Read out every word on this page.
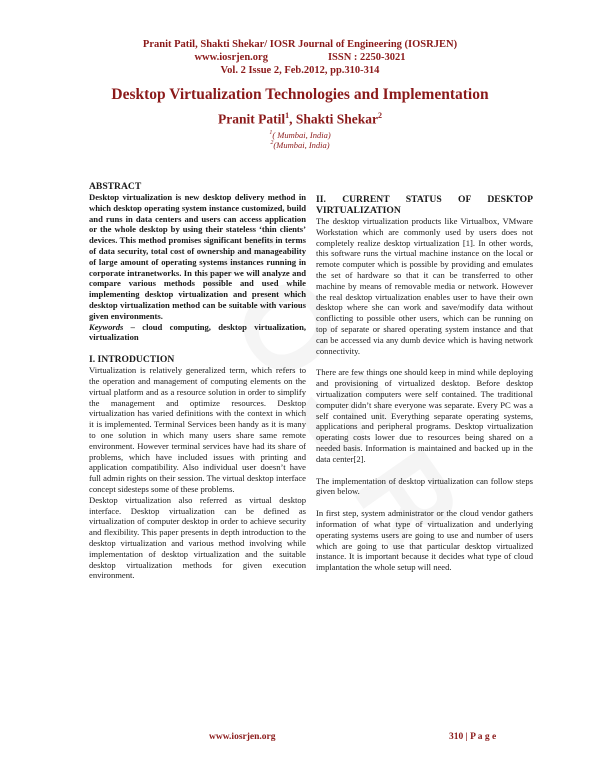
Pranit Patil, Shakti Shekar/ IOSR Journal of Engineering (IOSRJEN)
www.iosrjen.org	ISSN : 2250-3021
Vol. 2 Issue 2, Feb.2012, pp.310-314
Desktop Virtualization Technologies and Implementation
Pranit Patil$^1$, Shakti Shekar$^2$
$^1$( Mumbai, India)
$^2$(Mumbai, India)

ABSTRACT

Desktop virtualization is new desktop delivery method in which desktop operating system instance customized, build and runs in data centers and users can access application or the whole desktop by using their stateless ‘thin clients’ devices. This method promises significant benefits in terms of data security, total cost of ownership and manageability of large amount of operating systems instances running in corporate intranetworks. In this paper we will analyze and compare various methods possible and used while implementing desktop virtualization and present which desktop virtualization method can be suitable with various given environments.

Keywords – cloud computing, desktop virtualization, virtualization

I. INTRODUCTION

Virtualization is relatively generalized term, which refers to the operation and management of computing elements on the virtual platform and as a resource solution in order to simplify the management and optimize resources. Desktop virtualization has varied definitions with the context in which it is implemented. Terminal Services been handy as it is many to one solution in which many users share same remote environment. However terminal services have had its share of problems, which have included issues with printing and application compatibility. Also individual user doesn’t have full admin rights on their session. The virtual desktop interface concept sidesteps some of these problems.

Desktop virtualization also referred as virtual desktop interface. Desktop virtualization can be defined as virtualization of computer desktop in order to achieve security and flexibility. This paper presents in depth introduction to the desktop virtualization and various method involving while implementation of desktop virtualization and the suitable desktop virtualization methods for given execution environment.

II. CURRENT STATUS OF DESKTOP VIRTUALIZATION

The desktop virtualization products like Virtualbox, VMware Workstation which are commonly used by users does not completely realize desktop virtualization [1]. In other words, this software runs the virtual machine instance on the local or remote computer which is possible by providing and emulates the set of hardware so that it can be transferred to other machine by means of removable media or network. However the real desktop virtualization enables user to have their own desktop where she can work and save/modify data without conflicting to possible other users, which can be running on top of separate or shared operating system instance and that can be accessed via any dumb device which is having network connectivity.

There are few things one should keep in mind while deploying and provisioning of virtualized desktop. Before desktop virtualization computers were self contained. The traditional computer didn’t share everyone was separate. Every PC was a self contained unit. Everything separate operating systems, applications and peripheral programs. Desktop virtualization operating costs lower due to resources being shared on a needed basis. Information is maintained and backed up in the data center[2].

The implementation of desktop virtualization can follow steps given below.

In first step, system administrator or the cloud vendor gathers information of what type of virtualization and underlying operating systems users are going to use and number of users which are going to use that particular desktop virtualized instance. It is important because it decides what type of cloud implantation the whole setup will need.

www.iosrjen.org	310 | P a g e
